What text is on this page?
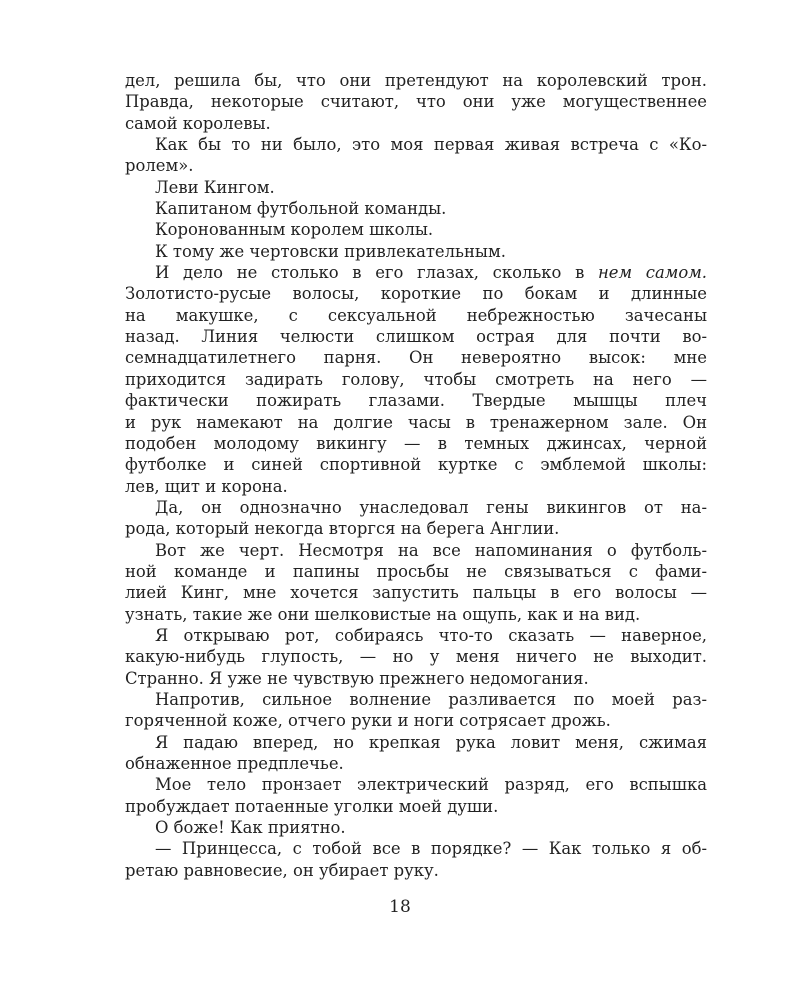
дел, решила бы, что они претендуют на королевский трон.
Правда, некоторые считают, что они уже могущественнее
самой королевы.
Как бы то ни было, это моя первая живая встреча с «Ко-
ролем».
Леви Кингом.
Капитаном футбольной команды.
Коронованным королем школы.
К тому же чертовски привлекательным.
И дело не столько в его глазах, сколько в нем самом.
Золотисто-русые волосы, короткие по бокам и длинные
на макушке, с сексуальной небрежностью зачесаны
назад. Линия челюсти слишком острая для почти во-
семнадцатилетнего парня. Он невероятно высок: мне
приходится задирать голову, чтобы смотреть на него —
фактически пожирать глазами. Твердые мышцы плеч
и рук намекают на долгие часы в тренажерном зале. Он
подобен молодому викингу — в темных джинсах, черной
футболке и синей спортивной куртке с эмблемой школы:
лев, щит и корона.
Да, он однозначно унаследовал гены викингов от на-
рода, который некогда вторгся на берега Англии.
Вот же черт. Несмотря на все напоминания о футболь-
ной команде и папины просьбы не связываться с фами-
лией Кинг, мне хочется запустить пальцы в его волосы —
узнать, такие же они шелковистые на ощупь, как и на вид.
Я открываю рот, собираясь что-то сказать — наверное,
какую-нибудь глупость, — но у меня ничего не выходит.
Странно. Я уже не чувствую прежнего недомогания.
Напротив, сильное волнение разливается по моей раз-
горяченной коже, отчего руки и ноги сотрясает дрожь.
Я падаю вперед, но крепкая рука ловит меня, сжимая
обнаженное предплечье.
Мое тело пронзает электрический разряд, его вспышка
пробуждает потаенные уголки моей души.
О боже! Как приятно.
— Принцесса, с тобой все в порядке? — Как только я об-
ретаю равновесие, он убирает руку.
18
